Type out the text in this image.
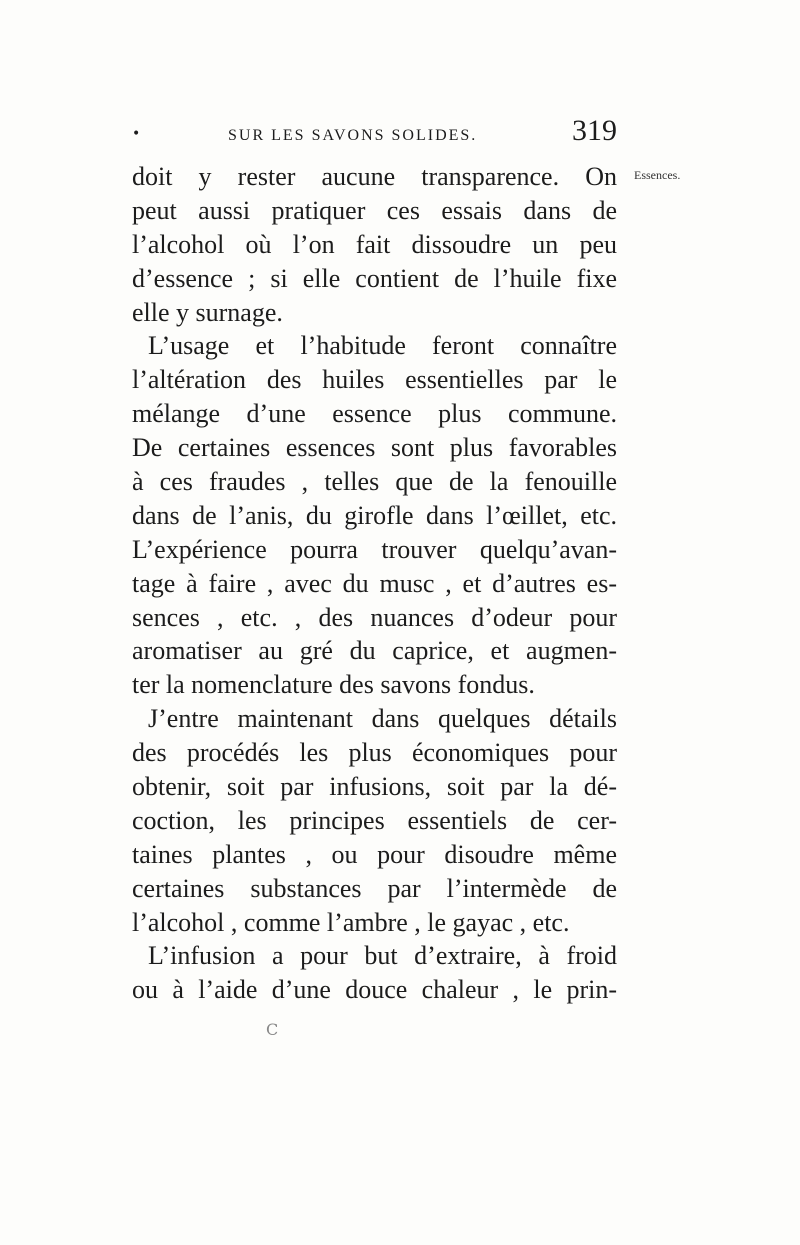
•	SUR LES SAVONS SOLIDES.	319
Essences.
doit y rester aucune transparence. On
peut aussi pratiquer ces essais dans de
l’alcohol où l’on fait dissoudre un peu
d’essence ; si elle contient de l’huile fixe
elle y surnage.
L’usage et l’habitude feront connaître
l’altération des huiles essentielles par le
mélange d’une essence plus commune.
De certaines essences sont plus favorables
à ces fraudes , telles que de la fenouille
dans de l’anis, du girofle dans l’œillet, etc.
L’expérience pourra trouver quelqu’avan-
tage à faire , avec du musc , et d’autres es-
sences , etc. , des nuances d’odeur pour
aromatiser au gré du caprice, et augmen-
ter la nomenclature des savons fondus.
J’entre maintenant dans quelques détails
des procédés les plus économiques pour
obtenir, soit par infusions, soit par la dé-
coction, les principes essentiels de cer-
taines plantes , ou pour disoudre même
certaines substances par l’intermède de
l’alcohol , comme l’ambre , le gayac , etc.
L’infusion a pour but d’extraire, à froid
ou à l’aide d’une douce chaleur , le prin-
C
